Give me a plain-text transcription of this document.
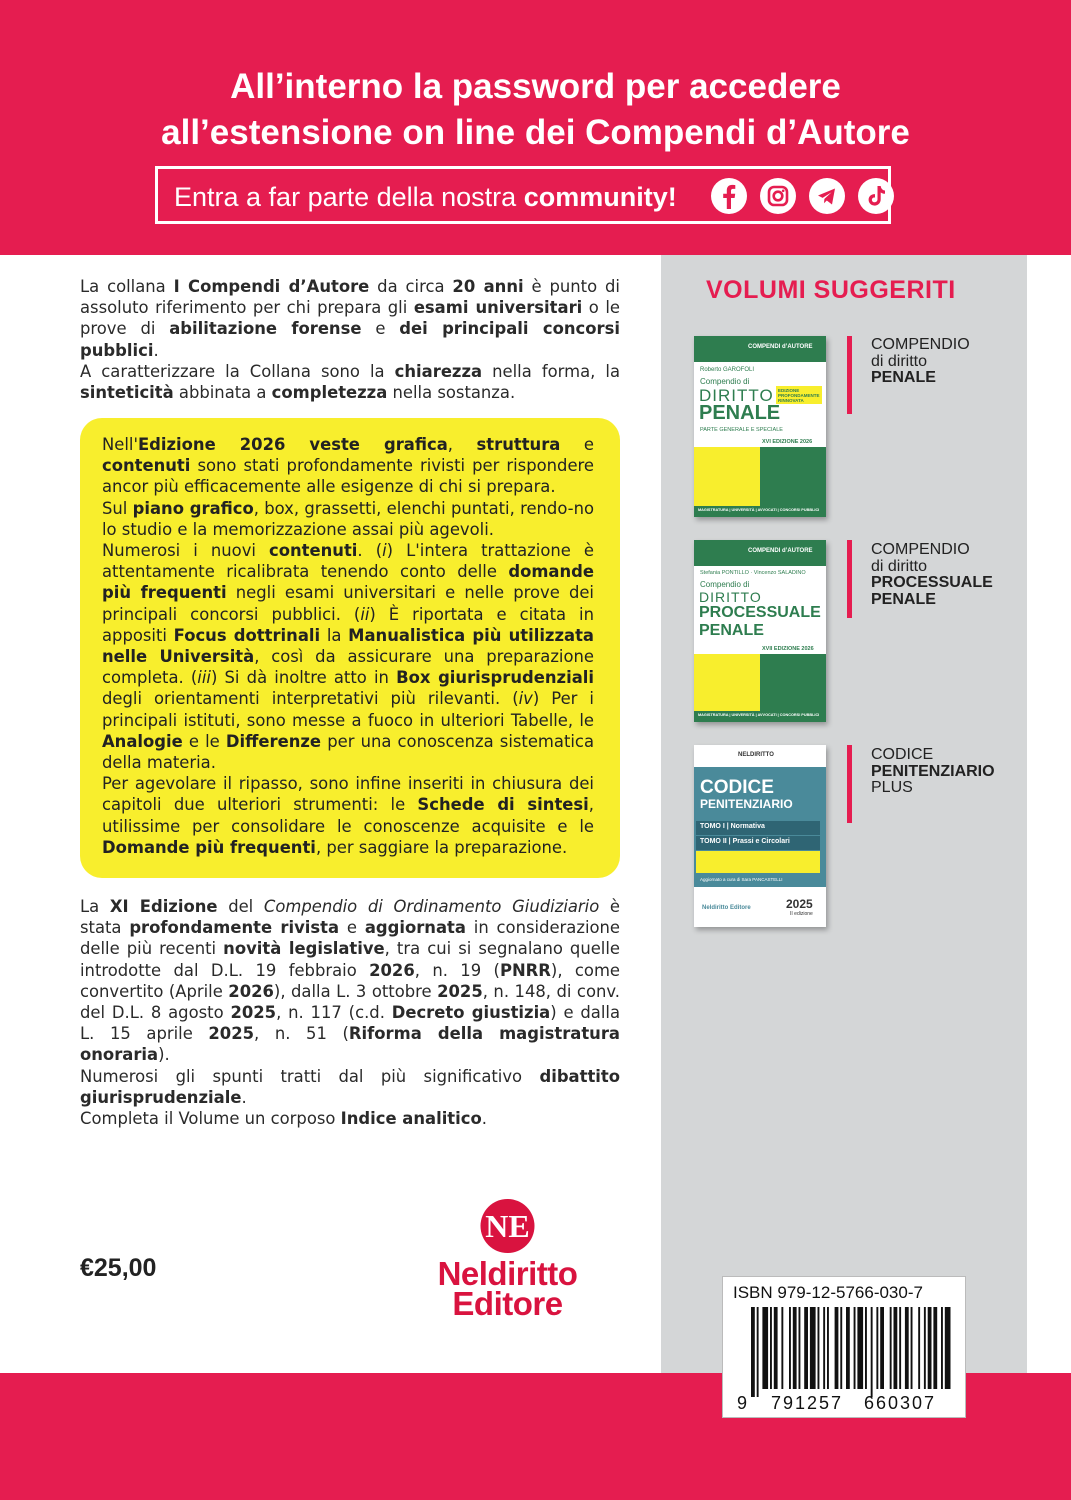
All’interno la password per accedere
all’estensione on line dei Compendi d’Autore
Entra a far parte della nostra community!
La collana I Compendi d’Autore da circa 20 anni è punto di assoluto riferimento per chi prepara gli esami universitari o le prove di abilitazione forense e dei principali concorsi pubblici.
A caratterizzare la Collana sono la chiarezza nella forma, la sinteticità abbinata a completezza nella sostanza.
Nell'Edizione 2026 veste grafica, struttura e contenuti sono stati profondamente rivisti per rispondere ancor più efficacemente alle esigenze di chi si prepara.
Sul piano grafico, box, grassetti, elenchi puntati, rendo-no lo studio e la memorizzazione assai più agevoli.
Numerosi i nuovi contenuti. (i) L'intera trattazione è attentamente ricalibrata tenendo conto delle domande più frequenti negli esami universitari e nelle prove dei principali concorsi pubblici. (ii) È riportata e citata in appositi Focus dottrinali la Manualistica più utilizzata nelle Università, così da assicurare una preparazione completa. (iii) Si dà inoltre atto in Box giurisprudenziali degli orientamenti interpretativi più rilevanti. (iv) Per i principali istituti, sono messe a fuoco in ulteriori Tabelle, le Analogie e le Differenze per una conoscenza sistematica della materia.
Per agevolare il ripasso, sono infine inseriti in chiusura dei capitoli due ulteriori strumenti: le Schede di sintesi, utilissime per consolidare le conoscenze acquisite e le Domande più frequenti, per saggiare la preparazione.
La XI Edizione del Compendio di Ordinamento Giudiziario è stata profondamente rivista e aggiornata in considerazione delle più recenti novità legislative, tra cui si segnalano quelle introdotte dal D.L. 19 febbraio 2026, n. 19 (PNRR), come convertito (Aprile 2026), dalla L. 3 ottobre 2025, n. 148, di conv. del D.L. 8 agosto 2025, n. 117 (c.d. Decreto giustizia) e dalla L. 15 aprile 2025, n. 51 (Riforma della magistratura onoraria).
Numerosi gli spunti tratti dal più significativo dibattito giurisprudenziale.
Completa il Volume un corposo Indice analitico.
€25,00
NE
Neldiritto
Editore
VOLUMI SUGGERITI
COMPENDI d’AUTORE
Roberto GAROFOLI
Compendio di
DIRITTO EDIZIONE PROFONDAMENTE RINNOVATA
PENALE
PARTE GENERALE E SPECIALE
XVI EDIZIONE 2026
MAGISTRATURA | UNIVERSITÀ | AVVOCATI | CONCORSI PUBBLICI
COMPENDIO
di diritto
PENALE
COMPENDI d’AUTORE
Stefania PONTILLO · Vincenzo SALADINO
Compendio di
DIRITTO
PROCESSUALE
PENALE
XVII EDIZIONE 2026
MAGISTRATURA | UNIVERSITÀ | AVVOCATI | CONCORSI PUBBLICI
COMPENDIO
di diritto
PROCESSUALE
PENALE
NELDIRITTO
CODICE
PENITENZIARIO
TOMO I | Normativa
TOMO II | Prassi e Circolari
Aggiornato a cura di Sara PANCASTELLI
Neldiritto Editore	2025
II edizione
CODICE
PENITENZIARIO
PLUS
ISBN 979-12-5766-030-7
9 791257 660307
